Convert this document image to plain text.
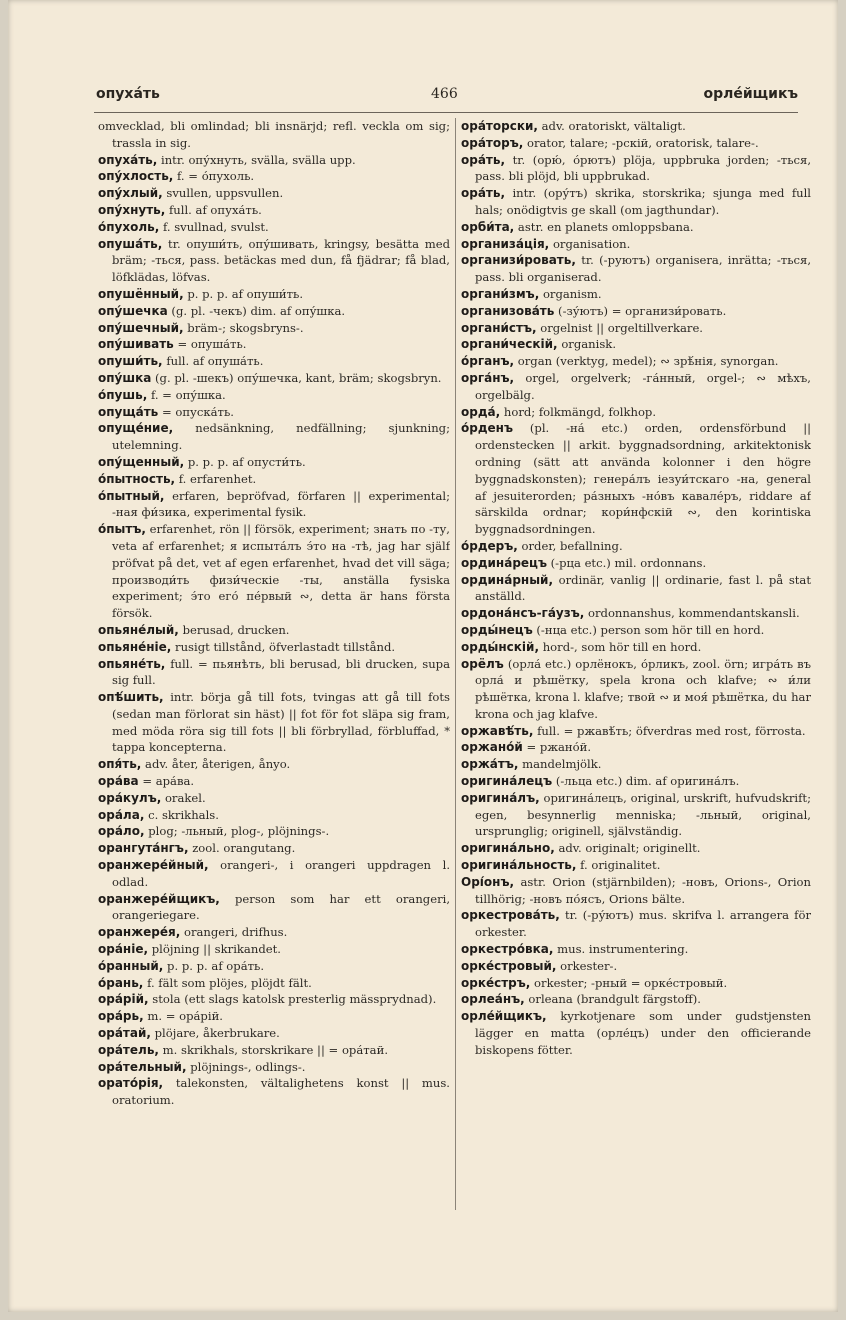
опуха́ть	466	орле́йщикъ

omvecklad, bli omlindad; bli insnärjd; refl. veckla om sig; trassla in sig.

опуха́ть, intr. опу́хнуть, svälla, svälla upp.

опу́хлость, f. = о́пухоль.

опу́хлый, svullen, uppsvullen.

опу́хнуть, full. af опуха́ть.

о́пухоль, f. svullnad, svulst.

опуша́ть, tr. опуши́ть, опу́шивать, kringsy, besätta med bräm; -ться, pass. betäckas med dun, få fjädrar; få blad, löfklädas, löfvas.

опушённый, p. p. p. af опуши́ть.

опу́шечка (g. pl. -чекъ) dim. af опу́шка.

опу́шечный, bräm-; skogsbryns-.

опу́шивать = опуша́ть.

опуши́ть, full. af опуша́ть.

опу́шка (g. pl. -шекъ) опу́шечка, kant, bräm; skogsbryn.

о́пушь, f. = опу́шка.

опуща́ть = опуска́ть.

опуще́ние, nedsänkning, nedfällning; sjunkning; utelemning.

опу́щенный, p. p. p. af опусти́ть.

о́пытность, f. erfarenhet.

о́пытный, erfaren, bepröfvad, förfaren || experimental; -ная фи́зика, experimental fysik.

о́пытъ, erfarenhet, rön || försök, experiment; знать по -ту, veta af erfarenhet; я испыта́лъ э́то на -тѣ, jag har själf pröfvat på det, vet af egen erfarenhet, hvad det vill säga; производи́ть физи́ческie -ты, anställa fysiska experiment; э́то его́ пе́рвый ∾, detta är hans första försök.

опьяне́лый, berusad, drucken.

опьяне́ніе, rusigt tillstånd, öfverlastadt tillstånd.

опьяне́ть, full. = пьянѣть, bli berusad, bli drucken, supa sig full.

опѣ́шить, intr. börja gå till fots, tvingas att gå till fots (sedan man förlorat sin häst) || fot för fot släpa sig fram, med möda röra sig till fots || bli förbryllad, förbluffad, * tappa koncepterna.

опя́ть, adv. åter, återigen, ånyo.

ора́ва = ара́ва.

ора́кулъ, orakel.

ора́ла, c. skrikhals.

ора́ло, plog; -льный, plog-, plöjnings-.

орангута́нгъ, zool. orangutang.

оранжере́йный, orangeri-, i orangeri uppdragen l. odlad.

оранжере́йщикъ, person som har ett orangeri, orangeriegare.

оранжере́я, orangeri, drifhus.

ора́ніе, plöjning || skrikandet.

о́ранный, p. p. p. af ора́ть.

о́рань, f. fält som plöjes, plöjdt fält.

ора́рій, stola (ett slags katolsk presterlig mässprydnad).

ора́рь, m. = ора́рій.

ора́тай, plöjare, åkerbrukare.

ора́тель, m. skrikhals, storskrikare || = ора́тай.

ора́тельный, plöjnings-, odlings-.

орато́рія, talekonsten, vältalighetens konst || mus. oratorium.

ора́торски, adv. oratoriskt, vältaligt.

ора́торъ, orator, talare; -рскій, oratorisk, talare-.

ора́ть, tr. (орю́, о́рютъ) plöja, uppbruka jorden; -ться, pass. bli plöjd, bli uppbrukad.

ора́ть, intr. (ору́тъ) skrika, storskrika; sjunga med full hals; onödigtvis ge skall (om jagthundar).

орби́та, astr. en planets omloppsbana.

организа́ція, organisation.

организи́ровать, tr. (-руютъ) organisera, inrätta; -ться, pass. bli organiserad.

органи́змъ, organism.

организова́ть (-зу́ютъ) = организи́ровать.

органи́стъ, orgelnist || orgeltillverkare.

органи́ческій, organisk.

о́рганъ, organ (verktyg, medel); ∾ зрѣ́нія, synorgan.

орга́нъ, orgel, orgelverk; -га́нный, orgel-; ∾ мѣхъ, orgelbälg.

орда́, hord; folkmängd, folkhop.

о́рденъ (pl. -на́ etc.) orden, ordensförbund || ordenstecken || arkit. byggnadsordning, arkitektonisk ordning (sätt att använda kolonner i den högre byggnadskonsten); генера́лъ iезуи́тскаго -на, general af jesuiterorden; ра́зныхъ -но́въ кавале́ръ, riddare af särskilda ordnar; кори́нфскій ∾, den korintiska byggnadsordningen.

о́рдеръ, order, befallning.

ордина́рецъ (-рца etc.) mil. ordonnans.

ордина́рный, ordinär, vanlig || ordinarie, fast l. på stat anställd.

ордона́нсъ-га́узъ, ordonnanshus, kommendantskansli.

орды́нецъ (-нца etc.) person som hör till en hord.

орды́нскій, hord-, som hör till en hord.

орёлъ (орла́ etc.) орлёнокъ, о́рликъ, zool. örn; игра́ть въ орла́ и рѣшётку, spela krona och klafve; ∾ и́ли рѣшётка, krona l. klafve; твой ∾ и моя́ рѣшётка, du har krona och jag klafve.

оржавѣ́ть, full. = ржавѣ́ть; öfverdras med rost, förrosta.

оржано́й = ржано́й.

оржа́тъ, mandelmjölk.

оригина́лецъ (-льца etc.) dim. af оригина́лъ.

оригина́лъ, оригина́лецъ, original, urskrift, hufvudskrift; egen, besynnerlig menniska; -льный, original, ursprunglig; originell, självständig.

оригина́льно, adv. originalt; originellt.

оригина́льность, f. originalitet.

Орі́онъ, astr. Orion (stjärnbilden); -новъ, Orions-, Orion tillhörig; -новъ по́ясъ, Orions bälte.

оркестрова́ть, tr. (-ру́ютъ) mus. skrifva l. arrangera för orkester.

оркестро́вка, mus. instrumentering.

орке́стровый, orkester-.

орке́стръ, orkester; -рный = орке́стровый.

орлеа́нъ, orleana (brandgult färgstoff).

орле́йщикъ, kyrkotjenare som under gudstjensten lägger en matta (орле́цъ) under den officierande biskopens fötter.
